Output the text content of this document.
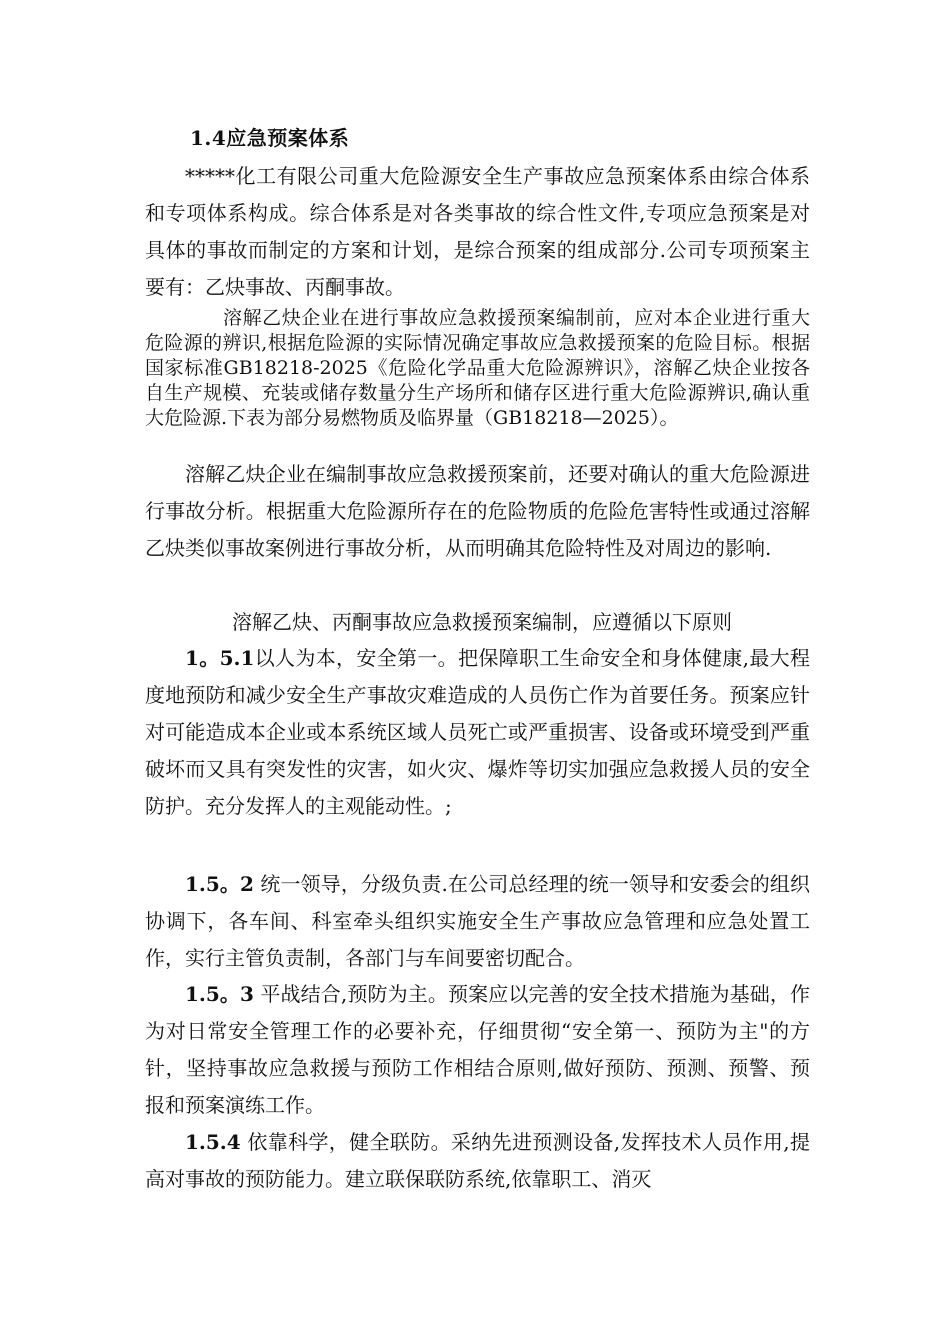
1.4应急预案体系

*****化工有限公司重大危险源安全生产事故应急预案体系由综合体系和专项体系构成。综合体系是对各类事故的综合性文件,专项应急预案是对具体的事故而制定的方案和计划，是综合预案的组成部分.公司专项预案主要有：乙炔事故、丙酮事故。

溶解乙炔企业在进行事故应急救援预案编制前，应对本企业进行重大危险源的辨识,根据危险源的实际情况确定事故应急救援预案的危险目标。根据国家标准GB18218-2025《危险化学品重大危险源辨识》，溶解乙炔企业按各自生产规模、充装或储存数量分生产场所和储存区进行重大危险源辨识,确认重大危险源.下表为部分易燃物质及临界量（GB18218—2025）。

溶解乙炔企业在编制事故应急救援预案前，还要对确认的重大危险源进行事故分析。根据重大危险源所存在的危险物质的危险危害特性或通过溶解乙炔类似事故案例进行事故分析，从而明确其危险特性及对周边的影响.

溶解乙炔、丙酮事故应急救援预案编制，应遵循以下原则

1。5.1以人为本，安全第一。把保障职工生命安全和身体健康,最大程度地预防和减少安全生产事故灾难造成的人员伤亡作为首要任务。预案应针对可能造成本企业或本系统区域人员死亡或严重损害、设备或环境受到严重破坏而又具有突发性的灾害，如火灾、爆炸等切实加强应急救援人员的安全防护。充分发挥人的主观能动性。;

1.5。2 统一领导，分级负责.在公司总经理的统一领导和安委会的组织协调下，各车间、科室牵头组织实施安全生产事故应急管理和应急处置工作，实行主管负责制，各部门与车间要密切配合。

1.5。3 平战结合,预防为主。预案应以完善的安全技术措施为基础，作为对日常安全管理工作的必要补充，仔细贯彻“安全第一、预防为主"的方针，坚持事故应急救援与预防工作相结合原则,做好预防、预测、预警、预报和预案演练工作。

1.5.4 依靠科学，健全联防。采纳先进预测设备,发挥技术人员作用,提高对事故的预防能力。建立联保联防系统,依靠职工、消灭
